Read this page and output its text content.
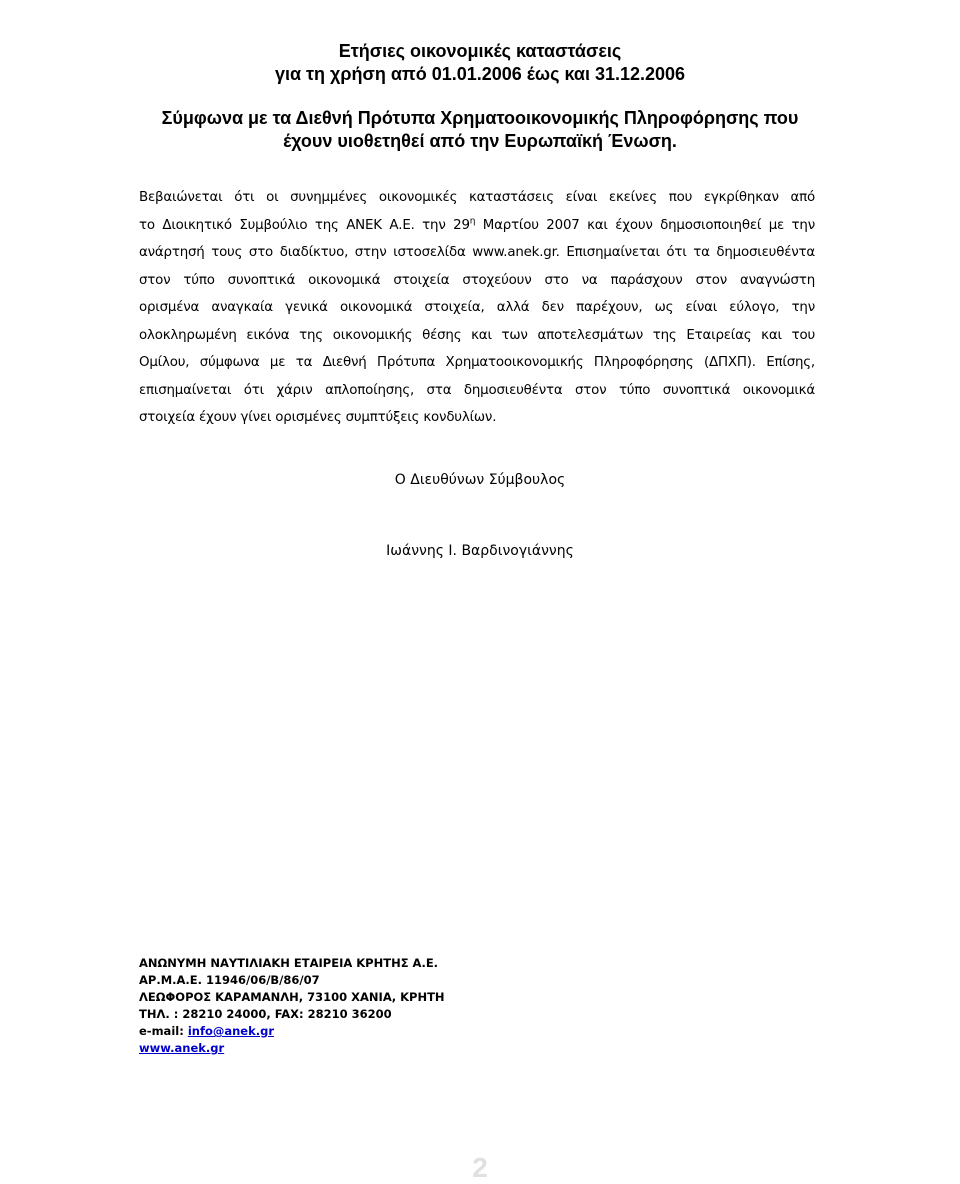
Ετήσιες οικονομικές καταστάσεις
για τη χρήση από 01.01.2006 έως και 31.12.2006
Σύμφωνα με τα Διεθνή Πρότυπα Χρηματοοικονομικής Πληροφόρησης που
έχουν υιοθετηθεί από την Ευρωπαϊκή Ένωση.
Βεβαιώνεται ότι οι συνημμένες οικονομικές καταστάσεις είναι εκείνες που εγκρίθηκαν από
το Διοικητικό Συμβούλιο της ΑΝΕΚ Α.Ε. την $29^\eta$ Μαρτίου 2007 και έχουν δημοσιοποιηθεί με την
ανάρτησή τους στο διαδίκτυο, στην ιστοσελίδα www.anek.gr. Επισημαίνεται ότι τα δημοσιευθέντα
στον τύπο συνοπτικά οικονομικά στοιχεία στοχεύουν στο να παράσχουν στον αναγνώστη
ορισμένα αναγκαία γενικά οικονομικά στοιχεία, αλλά δεν παρέχουν, ως είναι εύλογο, την
ολοκληρωμένη εικόνα της οικονομικής θέσης και των αποτελεσμάτων της Εταιρείας και του
Ομίλου, σύμφωνα με τα Διεθνή Πρότυπα Χρηματοοικονομικής Πληροφόρησης (ΔΠΧΠ). Επίσης,
επισημαίνεται ότι χάριν απλοποίησης, στα δημοσιευθέντα στον τύπο συνοπτικά οικονομικά
στοιχεία έχουν γίνει ορισμένες συμπτύξεις κονδυλίων.

Ο Διευθύνων Σύμβουλος

Ιωάννης Ι. Βαρδινογιάννης

ΑΝΩΝΥΜΗ ΝΑΥΤΙΛΙΑΚΗ ΕΤΑΙΡΕΙΑ ΚΡΗΤΗΣ Α.Ε.
ΑΡ.Μ.Α.Ε. 11946/06/Β/86/07
ΛΕΩΦΟΡΟΣ ΚΑΡΑΜΑΝΛΗ, 73100 ΧΑΝΙΑ, ΚΡΗΤΗ
ΤΗΛ. : 28210 24000, FAX: 28210 36200
e-mail: info@anek.gr
www.anek.gr
2
